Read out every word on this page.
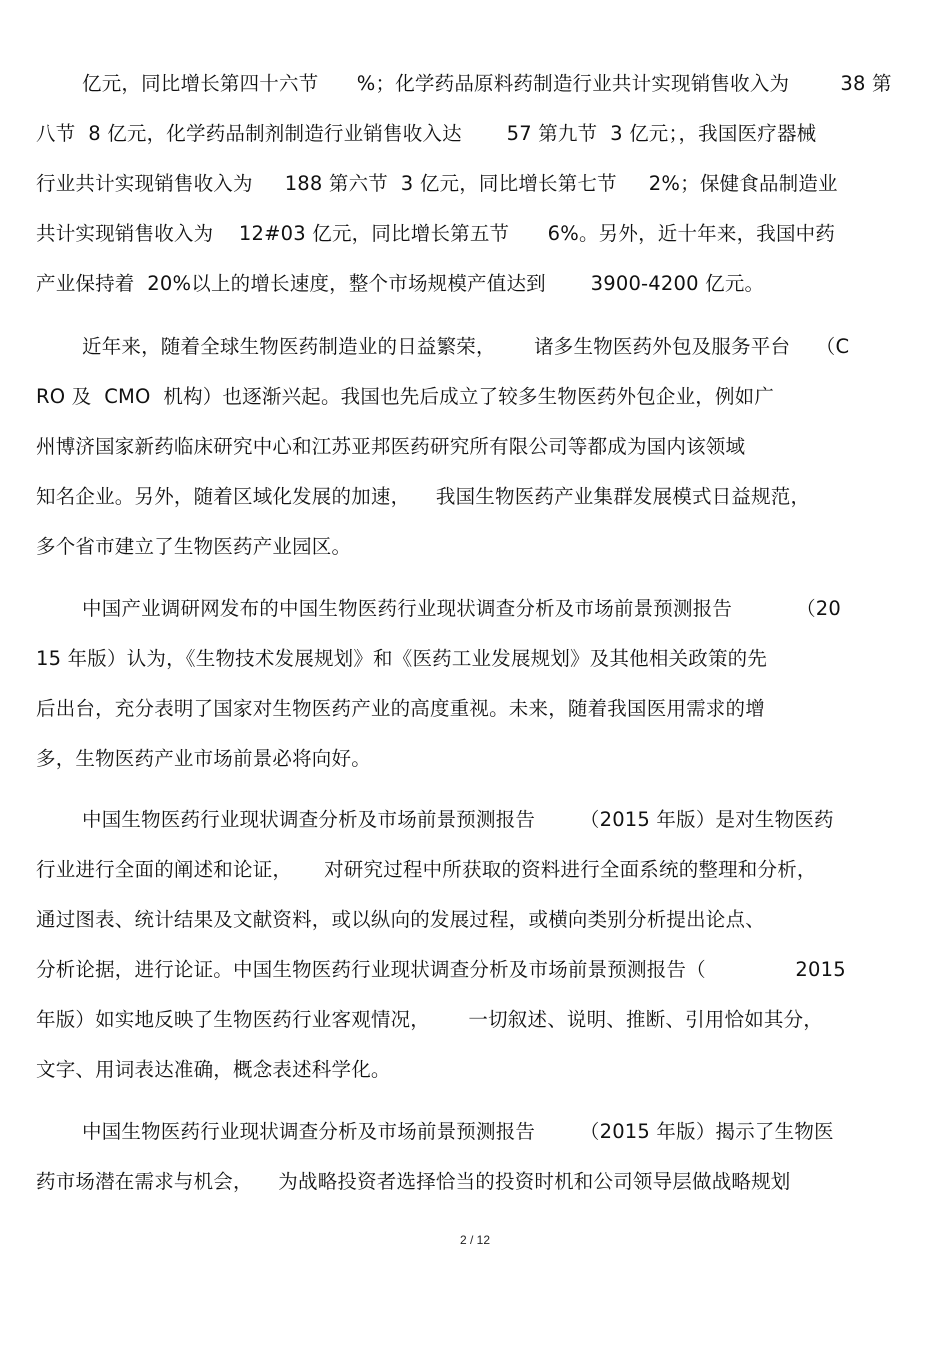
亿元，同比增长第四十六节      %；化学药品原料药制造行业共计实现销售收入为        38 第
八节  8 亿元，化学药品制剂制造行业销售收入达       57 第九节  3 亿元；，我国医疗器械
行业共计实现销售收入为     188 第六节  3 亿元，同比增长第七节     2%；保健食品制造业
共计实现销售收入为    12#03 亿元，同比增长第五节      6%。另外，近十年来，我国中药
产业保持着  20%以上的增长速度，整个市场规模产值达到       3900-4200 亿元。
近年来，随着全球生物医药制造业的日益繁荣，      诸多生物医药外包及服务平台    （C
RO 及  CMO  机构）也逐渐兴起。我国也先后成立了较多生物医药外包企业，例如广
州博济国家新药临床研究中心和江苏亚邦医药研究所有限公司等都成为国内该领域
知名企业。另外，随着区域化发展的加速，    我国生物医药产业集群发展模式日益规范，
多个省市建立了生物医药产业园区。
中国产业调研网发布的中国生物医药行业现状调查分析及市场前景预测报告          （20
15 年版）认为，《生物技术发展规划》和《医药工业发展规划》及其他相关政策的先
后出台，充分表明了国家对生物医药产业的高度重视。未来，随着我国医用需求的增
多，生物医药产业市场前景必将向好。
中国生物医药行业现状调查分析及市场前景预测报告       （2015 年版）是对生物医药
行业进行全面的阐述和论证，     对研究过程中所获取的资料进行全面系统的整理和分析，
通过图表、统计结果及文献资料，或以纵向的发展过程，或横向类别分析提出论点、
分析论据，进行论证。中国生物医药行业现状调查分析及市场前景预测报告（              2015
年版）如实地反映了生物医药行业客观情况，      一切叙述、说明、推断、引用恰如其分，
文字、用词表达准确，概念表述科学化。
中国生物医药行业现状调查分析及市场前景预测报告       （2015 年版）揭示了生物医
药市场潜在需求与机会，    为战略投资者选择恰当的投资时机和公司领导层做战略规划
2 / 12
